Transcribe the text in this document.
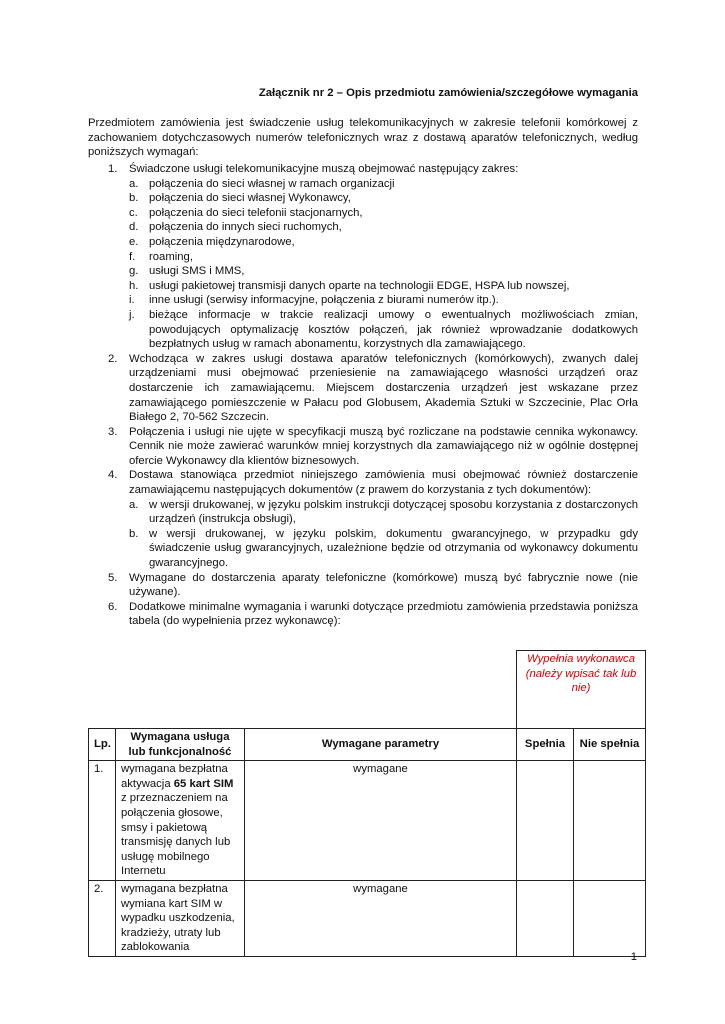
Załącznik nr 2 – Opis przedmiotu zamówienia/szczegółowe wymagania
Przedmiotem zamówienia jest świadczenie usług telekomunikacyjnych w zakresie telefonii komórkowej z zachowaniem dotychczasowych numerów telefonicznych wraz z dostawą aparatów telefonicznych, według poniższych wymagań:
1. Świadczone usługi telekomunikacyjne muszą obejmować następujący zakres:
a. połączenia do sieci własnej w ramach organizacji
b. połączenia do sieci własnej Wykonawcy,
c. połączenia do sieci telefonii stacjonarnych,
d. połączenia do innych sieci ruchomych,
e. połączenia międzynarodowe,
f.	roaming,
g. usługi SMS i MMS,
h. usługi pakietowej transmisji danych oparte na technologii EDGE, HSPA lub nowszej,
i.	inne usługi (serwisy informacyjne, połączenia z biurami numerów itp.).
j.	bieżące informacje w trakcie realizacji umowy o ewentualnych możliwościach zmian, powodujących optymalizację kosztów połączeń, jak również wprowadzanie dodatkowych bezpłatnych usług w ramach abonamentu, korzystnych dla zamawiającego.
2. Wchodząca w zakres usługi dostawa aparatów telefonicznych (komórkowych), zwanych dalej urządzeniami musi obejmować przeniesienie na zamawiającego własności urządzeń oraz dostarczenie ich zamawiającemu. Miejscem dostarczenia urządzeń jest wskazane przez zamawiającego pomieszczenie w Pałacu pod Globusem, Akademia Sztuki w Szczecinie, Plac Orła Białego 2, 70-562 Szczecin.
3. Połączenia i usługi nie ujęte w specyfikacji muszą być rozliczane na podstawie cennika wykonawcy. Cennik nie może zawierać warunków mniej korzystnych dla zamawiającego niż w ogólnie dostępnej ofercie Wykonawcy dla klientów biznesowych.
4. Dostawa stanowiąca przedmiot niniejszego zamówienia musi obejmować również dostarczenie zamawiającemu następujących dokumentów (z prawem do korzystania z tych dokumentów):
a. w wersji drukowanej, w języku polskim instrukcji dotyczącej sposobu korzystania z dostarczonych urządzeń (instrukcja obsługi),
b. w wersji drukowanej, w języku polskim, dokumentu gwarancyjnego, w przypadku gdy świadczenie usług gwarancyjnych, uzależnione będzie od otrzymania od wykonawcy dokumentu gwarancyjnego.
5. Wymagane do dostarczenia aparaty telefoniczne (komórkowe) muszą być fabrycznie nowe (nie używane).
6. Dodatkowe minimalne wymagania i warunki dotyczące przedmiotu zamówienia przedstawia poniższa tabela (do wypełnienia przez wykonawcę):
			Wypełnia wykonawca (należy wpisać tak lub nie)	
Lp.	Wymagana usługa lub funkcjonalność	Wymagane parametry	Spełnia	Nie spełnia
1.	wymagana bezpłatna aktywacja 65 kart SIM z przeznaczeniem na połączenia głosowe, smsy i pakietową transmisję danych lub usługę mobilnego Internetu	wymagane		
2.	wymagana bezpłatna wymiana kart SIM w wypadku uszkodzenia, kradzieży, utraty lub zablokowania	wymagane		
1
